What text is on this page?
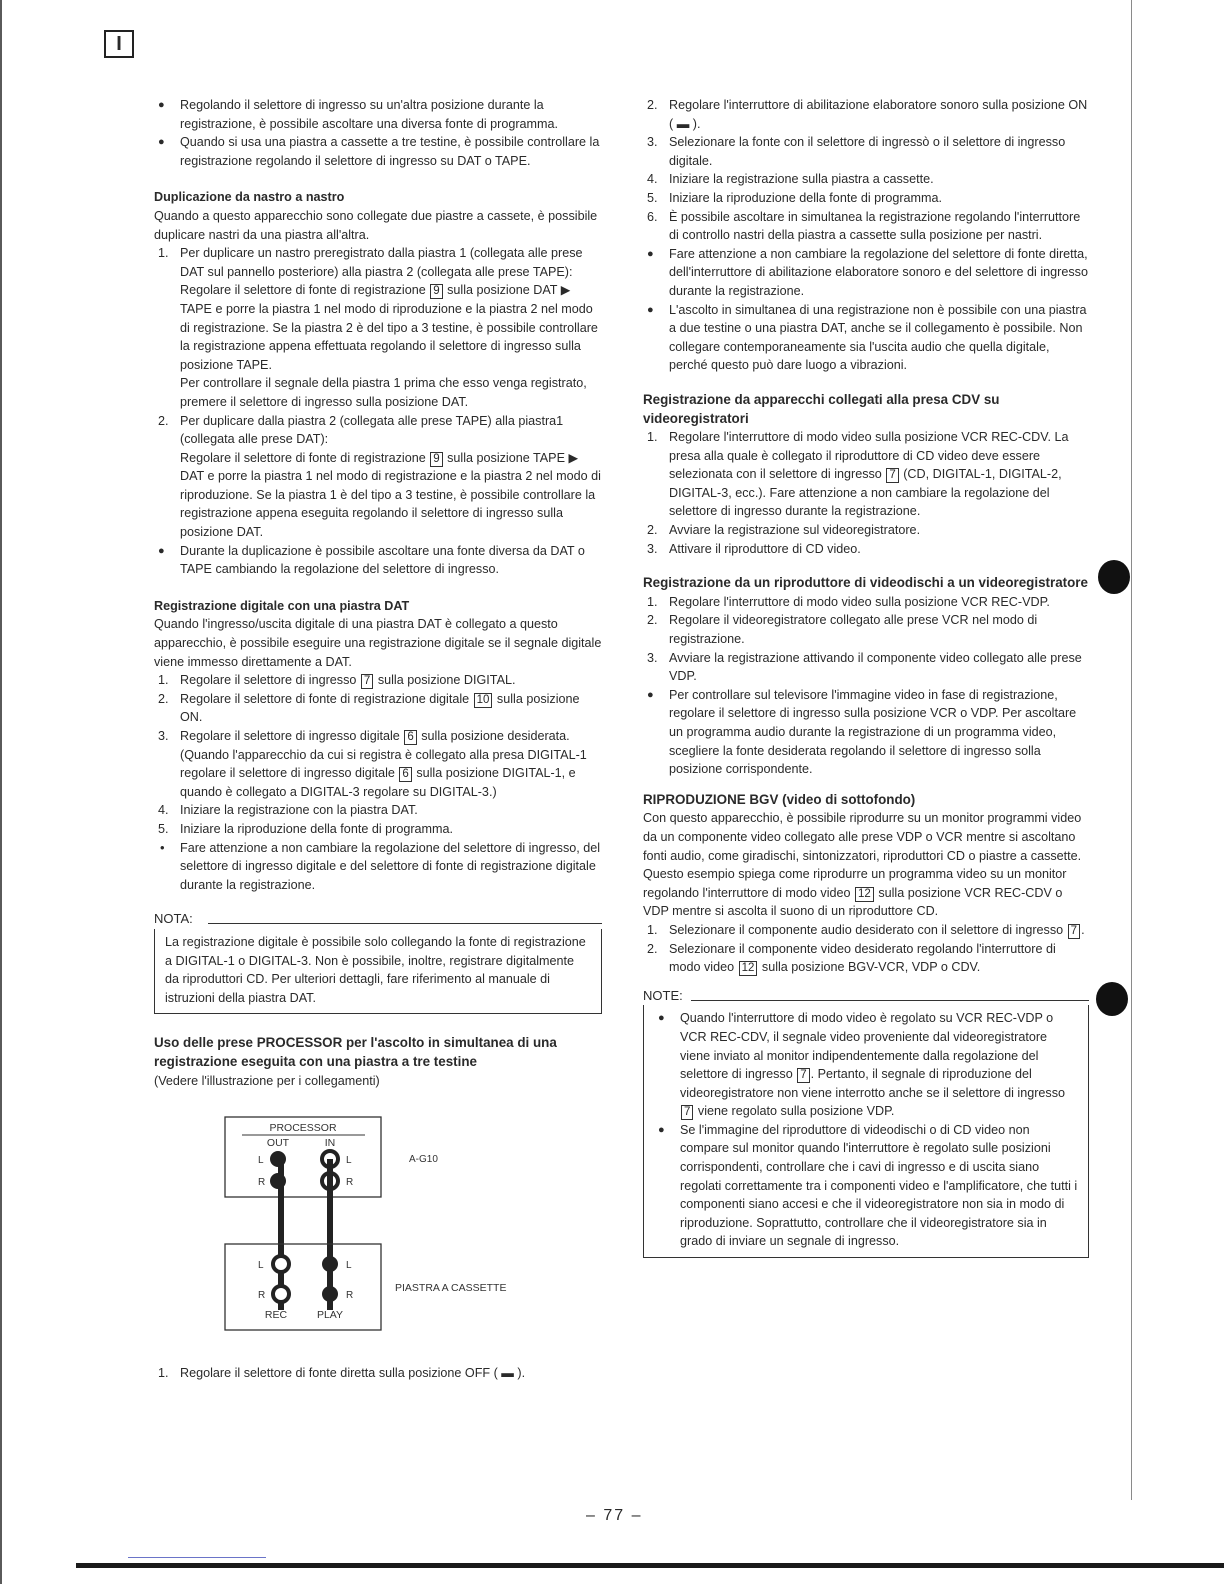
I

● Regolando il selettore di ingresso su un'altra posizione durante la registrazione, è possibile ascoltare una diversa fonte di programma.

● Quando si usa una piastra a cassette a tre testine, è possibile controllare la registrazione regolando il selettore di ingresso su DAT o TAPE.

Duplicazione da nastro a nastro

Quando a questo apparecchio sono collegate due piastre a cassete, è possibile duplicare nastri da una piastra all'altra.

1. Per duplicare un nastro preregistrato dalla piastra 1 (collegata alle prese DAT sul pannello posteriore) alla piastra 2 (collegata alle prese TAPE):

Regolare il selettore di fonte di registrazione 9 sulla posizione DAT ▶ TAPE e porre la piastra 1 nel modo di riproduzione e la piastra 2 nel modo di registrazione. Se la piastra 2 è del tipo a 3 testine, è possibile controllare la registrazione appena effettuata regolando il selettore di ingresso sulla posizione TAPE.

Per controllare il segnale della piastra 1 prima che esso venga registrato, premere il selettore di ingresso sulla posizione DAT.

2. Per duplicare dalla piastra 2 (collegata alle prese TAPE) alla piastra1 (collegata alle prese DAT):

Regolare il selettore di fonte di registrazione 9 sulla posizione TAPE ▶ DAT e porre la piastra 1 nel modo di registrazione e la piastra 2 nel modo di riproduzione. Se la piastra 1 è del tipo a 3 testine, è possibile controllare la registrazione appena eseguita regolando il selettore di ingresso sulla posizione DAT.

● Durante la duplicazione è possibile ascoltare una fonte diversa da DAT o TAPE cambiando la regolazione del selettore di ingresso.

Registrazione digitale con una piastra DAT

Quando l'ingresso/uscita digitale di una piastra DAT è collegato a questo apparecchio, è possibile eseguire una registrazione digitale se il segnale digitale viene immesso direttamente a DAT.

1. Regolare il selettore di ingresso 7 sulla posizione DIGITAL.
2. Regolare il selettore di fonte di registrazione digitale 10 sulla posizione ON.
3. Regolare il selettore di ingresso digitale 6 sulla posizione desiderata. (Quando l'apparecchio da cui si registra è collegato alla presa DIGITAL-1 regolare il selettore di ingresso digitale 6 sulla posizione DIGITAL-1, e quando è collegato a DIGITAL-3 regolare su DIGITAL-3.)
4. Iniziare la registrazione con la piastra DAT.
5. Iniziare la riproduzione della fonte di programma.

• Fare attenzione a non cambiare la regolazione del selettore di ingresso, del selettore di ingresso digitale e del selettore di fonte di registrazione digitale durante la registrazione.

NOTA:

La registrazione digitale è possibile solo collegando la fonte di registrazione a DIGITAL-1 o DIGITAL-3. Non è possibile, inoltre, registrare digitalmente da riproduttori CD. Per ulteriori dettagli, fare riferimento al manuale di istruzioni della piastra DAT.

Uso delle prese PROCESSOR per l'ascolto in simultanea di una registrazione eseguita con una piastra a tre testine

(Vedere l'illustrazione per i collegamenti)

PROCESSOR
OUT	IN
L
R
L
R
A-G10
L
R
L
R
REC	PLAY
PIASTRA A CASSETTE
1. Regolare il selettore di fonte diretta sulla posizione OFF ( ▬ ).
2. Regolare l'interruttore di abilitazione elaboratore sonoro sulla posizione ON ( ▬ ).
3. Selezionare la fonte con il selettore di ingressò o il selettore di ingresso digitale.
4. Iniziare la registrazione sulla piastra a cassette.
5. Iniziare la riproduzione della fonte di programma.
6. È possibile ascoltare in simultanea la registrazione regolando l'interruttore di controllo nastri della piastra a cassette sulla posizione per nastri.

● Fare attenzione a non cambiare la regolazione del selettore di fonte diretta, dell'interruttore di abilitazione elaboratore sonoro e del selettore di ingresso durante la registrazione.

● L'ascolto in simultanea di una registrazione non è possibile con una piastra a due testine o una piastra DAT, anche se il collegamento è possibile. Non collegare contemporaneamente sia l'uscita audio che quella digitale, perché questo può dare luogo a vibrazioni.

Registrazione da apparecchi collegati alla presa CDV su videoregistratori

1. Regolare l'interruttore di modo video sulla posizione VCR REC-CDV. La presa alla quale è collegato il riproduttore di CD video deve essere selezionata con il selettore di ingresso 7 (CD, DIGITAL-1, DIGITAL-2, DIGITAL-3, ecc.). Fare attenzione a non cambiare la regolazione del selettore di ingresso durante la registrazione.
2. Avviare la registrazione sul videoregistratore.
3. Attivare il riproduttore di CD video.

Registrazione da un riproduttore di videodischi a un videoregistratore

1. Regolare l'interruttore di modo video sulla posizione VCR REC-VDP.
2. Regolare il videoregistratore collegato alle prese VCR nel modo di registrazione.
3. Avviare la registrazione attivando il componente video collegato alle prese VDP.

● Per controllare sul televisore l'immagine video in fase di registrazione, regolare il selettore di ingresso sulla posizione VCR o VDP. Per ascoltare un programma audio durante la registrazione di un programma video, scegliere la fonte desiderata regolando il selettore di ingresso solla posizione corrispondente.

RIPRODUZIONE BGV (video di sottofondo)

Con questo apparecchio, è possibile riprodurre su un monitor programmi video da un componente video collegato alle prese VDP o VCR mentre si ascoltano fonti audio, come giradischi, sintonizzatori, riproduttori CD o piastre a cassette.

Questo esempio spiega come riprodurre un programma video su un monitor regolando l'interruttore di modo video 12 sulla posizione VCR REC-CDV o VDP mentre si ascolta il suono di un riproduttore CD.

1. Selezionare il componente audio desiderato con il selettore di ingresso 7 .
2. Selezionare il componente video desiderato regolando l'interruttore di modo video 12 sulla posizione BGV-VCR, VDP o CDV.
NOTE:

● Quando l'interruttore di modo video è regolato su VCR REC-VDP o VCR REC-CDV, il segnale video proveniente dal videoregistratore viene inviato al monitor indipendentemente dalla regolazione del selettore di ingresso 7 . Pertanto, il segnale di riproduzione del videoregistratore non viene interrotto anche se il selettore di ingresso 7 viene regolato sulla posizione VDP.

● Se l'immagine del riproduttore di videodischi o di CD video non compare sul monitor quando l'interruttore è regolato sulle posizioni corrispondenti, controllare che i cavi di ingresso e di uscita siano regolati correttamente tra i componenti video e l'amplificatore, che tutti i componenti siano accesi e che il videoregistratore non sia in modo di riproduzione. Soprattutto, controllare che il videoregistratore sia in grado di inviare un segnale di ingresso.

– 77 –
